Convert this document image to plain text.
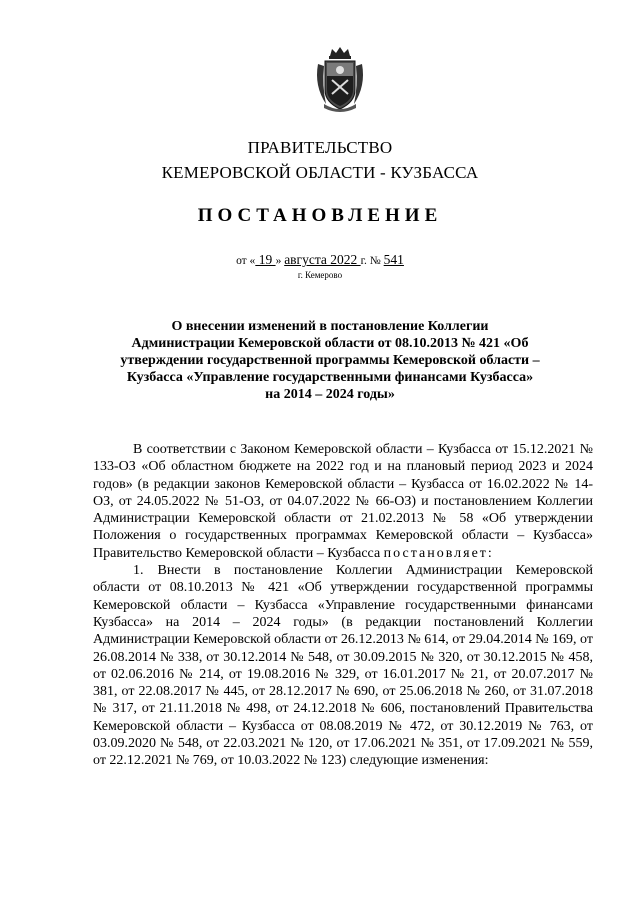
ПРАВИТЕЛЬСТВО
КЕМЕРОВСКОЙ ОБЛАСТИ - КУЗБАССА
ПОСТАНОВЛЕНИЕ
от « 19 » августа 2022 г. № 541
г. Кемерово
О внесении изменений в постановление Коллегии Администрации Кемеровской области от 08.10.2013 № 421 «Об утверждении государственной программы Кемеровской области – Кузбасса «Управление государственными финансами Кузбасса» на 2014 – 2024 годы»

В соответствии с Законом Кемеровской области – Кузбасса от 15.12.2021 № 133-ОЗ «Об областном бюджете на 2022 год и на плановый период 2023 и 2024 годов» (в редакции законов Кемеровской области – Кузбасса от 16.02.2022 № 14-ОЗ, от 24.05.2022 № 51-ОЗ, от 04.07.2022 № 66-ОЗ) и постановлением Коллегии Администрации Кемеровской области от 21.02.2013 № 58 «Об утверждении Положения о государственных программах Кемеровской области – Кузбасса» Правительство Кемеровской области – Кузбасса постановляет:

1. Внести в постановление Коллегии Администрации Кемеровской области от 08.10.2013 № 421 «Об утверждении государственной программы Кемеровской области – Кузбасса «Управление государственными финансами Кузбасса» на 2014 – 2024 годы» (в редакции постановлений Коллегии Администрации Кемеровской области от 26.12.2013 № 614, от 29.04.2014 № 169, от 26.08.2014 № 338, от 30.12.2014 № 548, от 30.09.2015 № 320, от 30.12.2015 № 458, от 02.06.2016 № 214, от 19.08.2016 № 329, от 16.01.2017 № 21, от 20.07.2017 № 381, от 22.08.2017 № 445, от 28.12.2017 № 690, от 25.06.2018 № 260, от 31.07.2018 № 317, от 21.11.2018 № 498, от 24.12.2018 № 606, постановлений Правительства Кемеровской области – Кузбасса от 08.08.2019 № 472, от 30.12.2019 № 763, от 03.09.2020 № 548, от 22.03.2021 № 120, от 17.06.2021 № 351, от 17.09.2021 № 559, от 22.12.2021 № 769, от 10.03.2022 № 123) следующие изменения:
